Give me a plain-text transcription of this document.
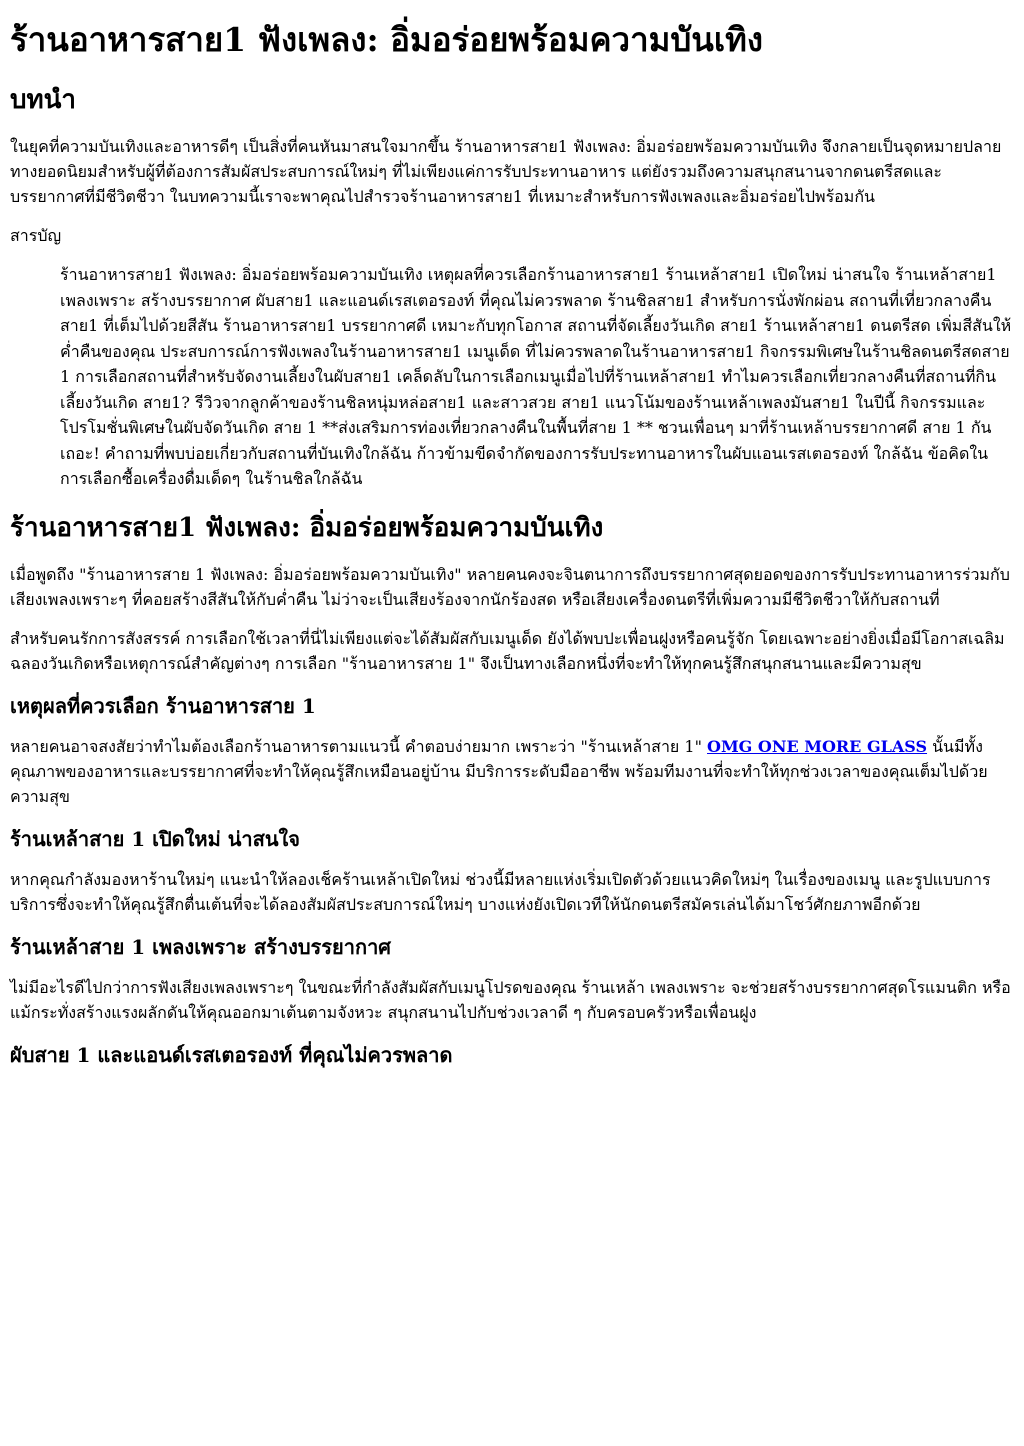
ร้านอาหารสาย1 ฟังเพลง: อิ่มอร่อยพร้อมความบันเทิง
บทนำ

ในยุคที่ความบันเทิงและอาหารดีๆ เป็นสิ่งที่คนหันมาสนใจมากขึ้น ร้านอาหารสาย1 ฟังเพลง: อิ่มอร่อยพร้อมความบันเทิง จึงกลายเป็นจุดหมายปลายทางยอดนิยมสำหรับผู้ที่ต้องการสัมผัสประสบการณ์ใหม่ๆ ที่ไม่เพียงแค่การรับประทานอาหาร แต่ยังรวมถึงความสนุกสนานจากดนตรีสดและบรรยากาศที่มีชีวิตชีวา ในบทความนี้เราจะพาคุณไปสำรวจร้านอาหารสาย1 ที่เหมาะสำหรับการฟังเพลงและอิ่มอร่อยไปพร้อมกัน

สารบัญ
ร้านอาหารสาย1 ฟังเพลง: อิ่มอร่อยพร้อมความบันเทิง เหตุผลที่ควรเลือกร้านอาหารสาย1 ร้านเหล้าสาย1 เปิดใหม่ น่าสนใจ ร้านเหล้าสาย1 เพลงเพราะ สร้างบรรยากาศ ผับสาย1 และแอนด์เรสเตอรองท์ ที่คุณไม่ควรพลาด ร้านชิลสาย1 สำหรับการนั่งพักผ่อน สถานที่เที่ยวกลางคืนสาย1 ที่เต็มไปด้วยสีสัน ร้านอาหารสาย1 บรรยากาศดี เหมาะกับทุกโอกาส สถานที่จัดเลี้ยงวันเกิด สาย1 ร้านเหล้าสาย1 ดนตรีสด เพิ่มสีสันให้ค่ำคืนของคุณ ประสบการณ์การฟังเพลงในร้านอาหารสาย1 เมนูเด็ด ที่ไม่ควรพลาดในร้านอาหารสาย1 กิจกรรมพิเศษในร้านชิลดนตรีสดสาย 1 การเลือกสถานที่สำหรับจัดงานเลี้ยงในผับสาย1 เคล็ดลับในการเลือกเมนูเมื่อไปที่ร้านเหล้าสาย1 ทำไมควรเลือกเที่ยวกลางคืนที่สถานที่กินเลี้ยงวันเกิด สาย1? รีวิวจากลูกค้าของร้านชิลหนุ่มหล่อสาย1 และสาวสวย สาย1 แนวโน้มของร้านเหล้าเพลงมันสาย1 ในปีนี้ กิจกรรมและโปรโมชั่นพิเศษในผับจัดวันเกิด สาย 1 **ส่งเสริมการท่องเที่ยวกลางคืนในพื้นที่สาย 1 ** ชวนเพื่อนๆ มาที่ร้านเหล้าบรรยากาศดี สาย 1 กันเถอะ! คำถามที่พบบ่อยเกี่ยวกับสถานที่บันเทิงใกล้ฉัน ก้าวข้ามขีดจำกัดของการรับประทานอาหารในผับแอนเรสเตอรองท์ ใกล้ฉัน ข้อคิดในการเลือกซื้อเครื่องดื่มเด็ดๆ ในร้านชิลใกล้ฉัน
ร้านอาหารสาย1 ฟังเพลง: อิ่มอร่อยพร้อมความบันเทิง

เมื่อพูดถึง "ร้านอาหารสาย 1 ฟังเพลง: อิ่มอร่อยพร้อมความบันเทิง" หลายคนคงจะจินตนาการถึงบรรยากาศสุดยอดของการรับประทานอาหารร่วมกับเสียงเพลงเพราะๆ ที่คอยสร้างสีสันให้กับค่ำคืน ไม่ว่าจะเป็นเสียงร้องจากนักร้องสด หรือเสียงเครื่องดนตรีที่เพิ่มความมีชีวิตชีวาให้กับสถานที่

สำหรับคนรักการสังสรรค์ การเลือกใช้เวลาที่นี่ไม่เพียงแต่จะได้สัมผัสกับเมนูเด็ด ยังได้พบปะเพื่อนฝูงหรือคนรู้จัก โดยเฉพาะอย่างยิ่งเมื่อมีโอกาสเฉลิมฉลองวันเกิดหรือเหตุการณ์สำคัญต่างๆ การเลือก "ร้านอาหารสาย 1" จึงเป็นทางเลือกหนึ่งที่จะทำให้ทุกคนรู้สึกสนุกสนานและมีความสุข

เหตุผลที่ควรเลือก ร้านอาหารสาย 1

หลายคนอาจสงสัยว่าทำไมต้องเลือกร้านอาหารตามแนวนี้ คำตอบง่ายมาก เพราะว่า "ร้านเหล้าสาย 1" OMG ONE MORE GLASS นั้นมีทั้งคุณภาพของอาหารและบรรยากาศที่จะทำให้คุณรู้สึกเหมือนอยู่บ้าน มีบริการระดับมืออาชีพ พร้อมทีมงานที่จะทำให้ทุกช่วงเวลาของคุณเต็มไปด้วยความสุข

ร้านเหล้าสาย 1 เปิดใหม่ น่าสนใจ

หากคุณกำลังมองหาร้านใหม่ๆ แนะนำให้ลองเช็คร้านเหล้าเปิดใหม่ ช่วงนี้มีหลายแห่งเริ่มเปิดตัวด้วยแนวคิดใหม่ๆ ในเรื่องของเมนู และรูปแบบการบริการซึ่งจะทำให้คุณรู้สึกตื่นเต้นที่จะได้ลองสัมผัสประสบการณ์ใหม่ๆ บางแห่งยังเปิดเวทีให้นักดนตรีสมัครเล่นได้มาโชว์ศักยภาพอีกด้วย

ร้านเหล้าสาย 1 เพลงเพราะ สร้างบรรยากาศ

ไม่มีอะไรดีไปกว่าการฟังเสียงเพลงเพราะๆ ในขณะที่กำลังสัมผัสกับเมนูโปรดของคุณ ร้านเหล้า เพลงเพราะ จะช่วยสร้างบรรยากาศสุดโรแมนติก หรือแม้กระทั่งสร้างแรงผลักดันให้คุณออกมาเต้นตามจังหวะ สนุกสนานไปกับช่วงเวลาดี ๆ กับครอบครัวหรือเพื่อนฝูง

ผับสาย 1 และแอนด์เรสเตอรองท์ ที่คุณไม่ควรพลาด
